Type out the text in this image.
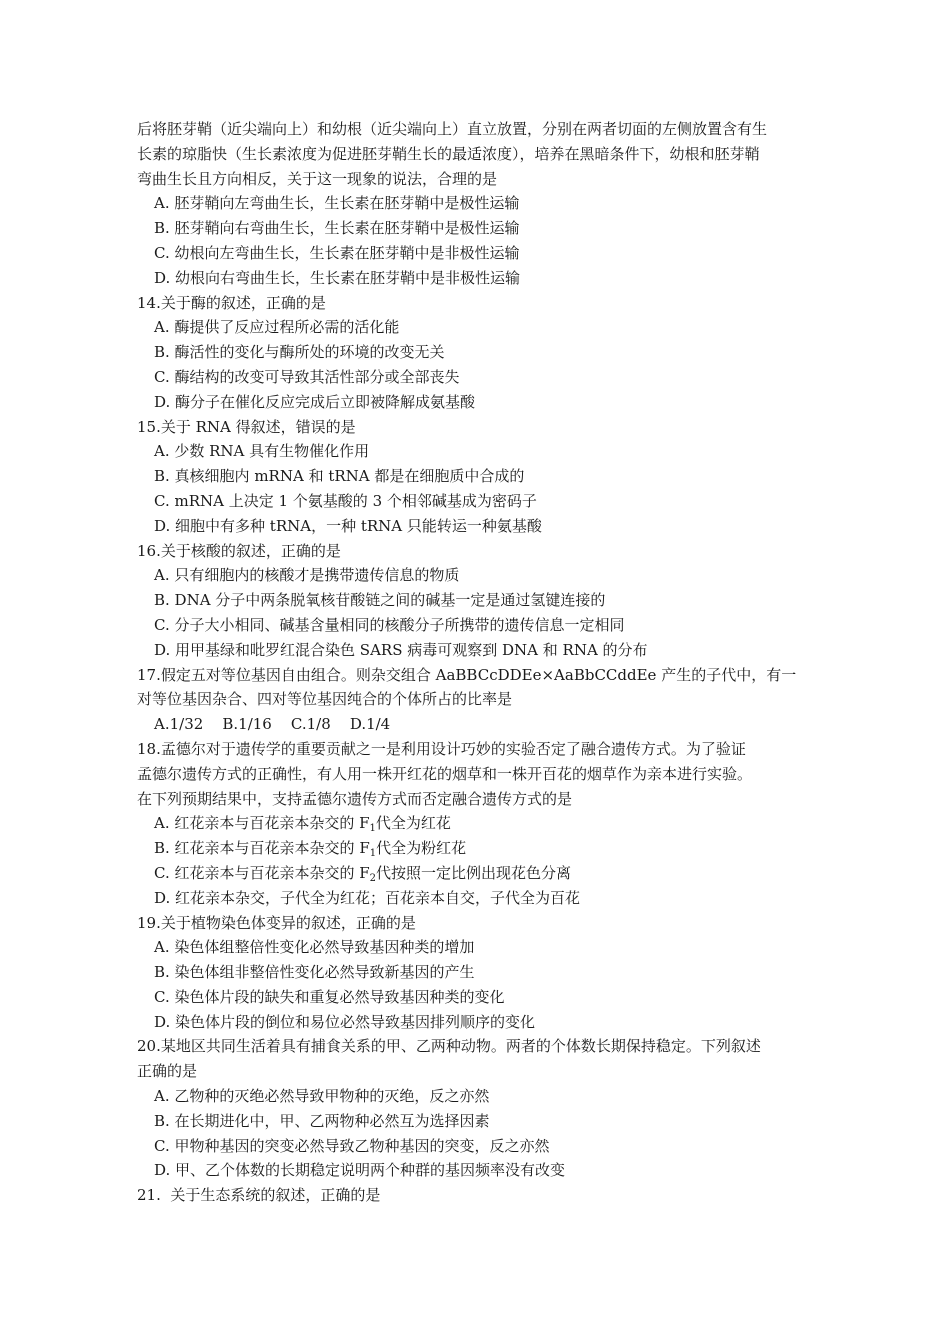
后将胚芽鞘（近尖端向上）和幼根（近尖端向上）直立放置，分别在两者切面的左侧放置含有生
长素的琼脂快（生长素浓度为促进胚芽鞘生长的最适浓度），培养在黑暗条件下，幼根和胚芽鞘
弯曲生长且方向相反，关于这一现象的说法，合理的是
A. 胚芽鞘向左弯曲生长，生长素在胚芽鞘中是极性运输
B. 胚芽鞘向右弯曲生长，生长素在胚芽鞘中是极性运输
C. 幼根向左弯曲生长，生长素在胚芽鞘中是非极性运输
D. 幼根向右弯曲生长，生长素在胚芽鞘中是非极性运输
14.关于酶的叙述，正确的是
A. 酶提供了反应过程所必需的活化能
B. 酶活性的变化与酶所处的环境的改变无关
C. 酶结构的改变可导致其活性部分或全部丧失
D. 酶分子在催化反应完成后立即被降解成氨基酸
15.关于 RNA 得叙述，错误的是
A. 少数 RNA 具有生物催化作用
B. 真核细胞内 mRNA 和 tRNA 都是在细胞质中合成的
C. mRNA 上决定 1 个氨基酸的 3 个相邻碱基成为密码子
D. 细胞中有多种 tRNA，一种 tRNA 只能转运一种氨基酸
16.关于核酸的叙述，正确的是
A. 只有细胞内的核酸才是携带遗传信息的物质
B. DNA 分子中两条脱氧核苷酸链之间的碱基一定是通过氢键连接的
C. 分子大小相同、碱基含量相同的核酸分子所携带的遗传信息一定相同
D. 用甲基绿和吡罗红混合染色 SARS 病毒可观察到 DNA 和 RNA 的分布
17.假定五对等位基因自由组合。则杂交组合 AaBBCcDDEe×AaBbCCddEe 产生的子代中，有一
对等位基因杂合、四对等位基因纯合的个体所占的比率是
A.1/32    B.1/16    C.1/8    D.1/4
18.孟德尔对于遗传学的重要贡献之一是利用设计巧妙的实验否定了融合遗传方式。为了验证
孟德尔遗传方式的正确性，有人用一株开红花的烟草和一株开百花的烟草作为亲本进行实验。
在下列预期结果中，支持孟德尔遗传方式而否定融合遗传方式的是
A. 红花亲本与百花亲本杂交的 $F_1$代全为红花
B. 红花亲本与百花亲本杂交的 $F_1$代全为粉红花
C. 红花亲本与百花亲本杂交的 $F_2$代按照一定比例出现花色分离
D. 红花亲本杂交，子代全为红花；百花亲本自交，子代全为百花
19.关于植物染色体变异的叙述，正确的是
A. 染色体组整倍性变化必然导致基因种类的增加
B. 染色体组非整倍性变化必然导致新基因的产生
C. 染色体片段的缺失和重复必然导致基因种类的变化
D. 染色体片段的倒位和易位必然导致基因排列顺序的变化
20.某地区共同生活着具有捕食关系的甲、乙两种动物。两者的个体数长期保持稳定。下列叙述
正确的是
A. 乙物种的灭绝必然导致甲物种的灭绝，反之亦然
B. 在长期进化中，甲、乙两物种必然互为选择因素
C. 甲物种基因的突变必然导致乙物种基因的突变，反之亦然
D. 甲、乙个体数的长期稳定说明两个种群的基因频率没有改变
21.  关于生态系统的叙述，正确的是
